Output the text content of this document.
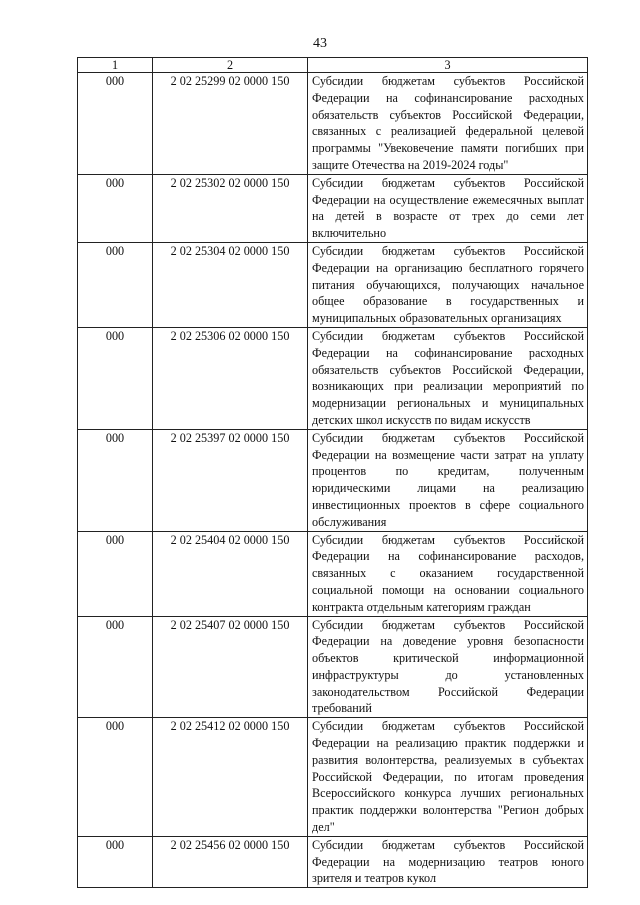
43
1	2	3
000	2 02 25299 02 0000 150	Субсидии бюджетам субъектов Российской Федерации на софинансирование расходных обязательств субъектов Российской Федерации, связанных с реализацией федеральной целевой программы "Увековечение памяти погибших при защите Отечества на 2019-2024 годы"
000	2 02 25302 02 0000 150	Субсидии бюджетам субъектов Российской Федерации на осуществление ежемесячных выплат на детей в возрасте от трех до семи лет включительно
000	2 02 25304 02 0000 150	Субсидии бюджетам субъектов Российской Федерации на организацию бесплатного горячего питания обучающихся, получающих начальное общее образование в государственных и муниципальных образовательных организациях
000	2 02 25306 02 0000 150	Субсидии бюджетам субъектов Российской Федерации на софинансирование расходных обязательств субъектов Российской Федерации, возникающих при реализации мероприятий по модернизации региональных и муниципальных детских школ искусств по видам искусств
000	2 02 25397 02 0000 150	Субсидии бюджетам субъектов Российской Федерации на возмещение части затрат на уплату процентов по кредитам, полученным юридическими лицами на реализацию инвестиционных проектов в сфере социального обслуживания
000	2 02 25404 02 0000 150	Субсидии бюджетам субъектов Российской Федерации на софинансирование расходов, связанных с оказанием государственной социальной помощи на основании социального контракта отдельным категориям граждан
000	2 02 25407 02 0000 150	Субсидии бюджетам субъектов Российской Федерации на доведение уровня безопасности объектов критической информационной инфраструктуры до установленных законодательством Российской Федерации требований
000	2 02 25412 02 0000 150	Субсидии бюджетам субъектов Российской Федерации на реализацию практик поддержки и развития волонтерства, реализуемых в субъектах Российской Федерации, по итогам проведения Всероссийского конкурса лучших региональных практик поддержки волонтерства "Регион добрых дел"
000	2 02 25456 02 0000 150	Субсидии бюджетам субъектов Российской Федерации на модернизацию театров юного зрителя и театров кукол
